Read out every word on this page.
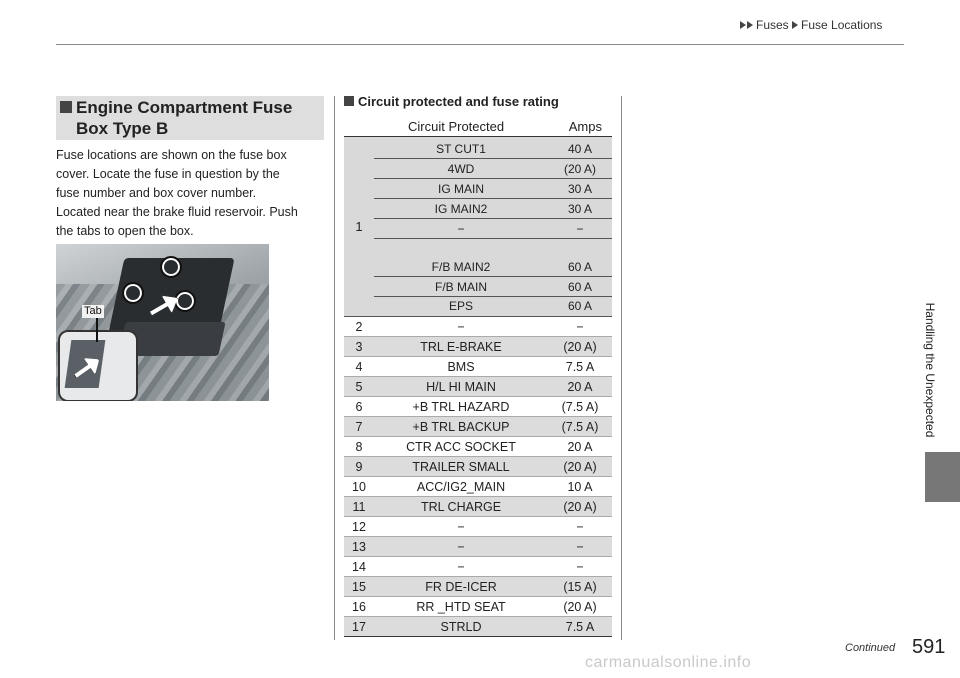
Fuses Fuse Locations
Handling the Unexpected
Engine Compartment Fuse Box Type B
Fuse locations are shown on the fuse box
cover. Locate the fuse in question by the
fuse number and box cover number.
Located near the brake fluid reservoir. Push
the tabs to open the box.
Tab
Circuit protected and fuse rating
Circuit Protected	Amps
1
ST CUT1	40 A
4WD	(20 A)
IG MAIN	30 A
IG MAIN2	30 A
−	−
F/B MAIN2	60 A
F/B MAIN	60 A
EPS	60 A
2	−	−
3	TRL E-BRAKE	(20 A)
4	BMS	7.5 A
5	H/L HI MAIN	20 A
6	+B TRL HAZARD	(7.5 A)
7	+B TRL BACKUP	(7.5 A)
8	CTR ACC SOCKET	20 A
9	TRAILER SMALL	(20 A)
10	ACC/IG2_MAIN	10 A
11	TRL CHARGE	(20 A)
12	−	−
13	−	−
14	−	−
15	FR DE-ICER	(15 A)
16	RR _HTD SEAT	(20 A)
17	STRLD	7.5 A
Continued 591
carmanualsonline.info
